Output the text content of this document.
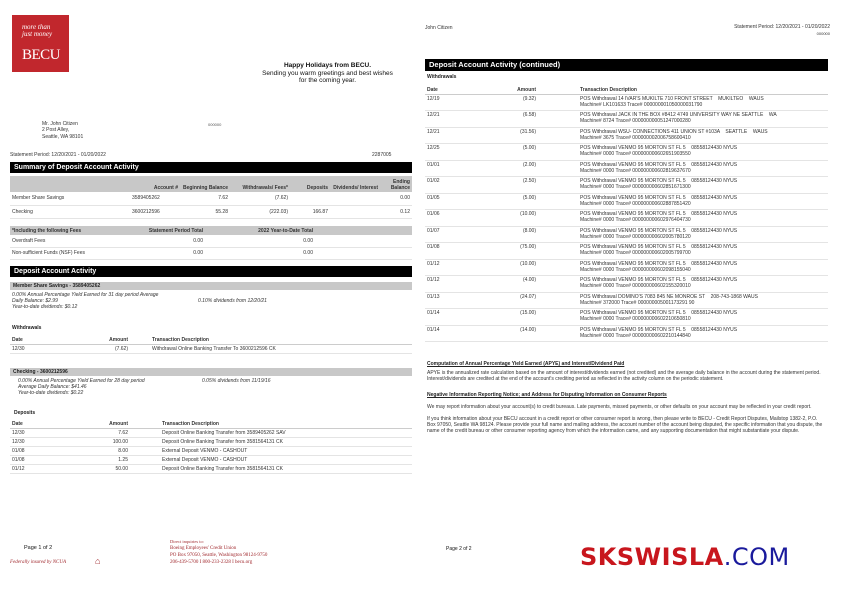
more than just money
BECU
Happy Holidays from BECU.
Sending you warm greetings and best wishes
for the coming year.
Mr. John Citizen
2 Post Alley,
Seattle, WA 98101
000000
Statement Period: 12/20/2021 - 01/20/2022	2287005
Summary of Deposit Account Activity
	Account #	Beginning Balance	Withdrawals/ Fees*	Deposits	Dividends/ Interest	Ending Balance
Member Share Savings	3589405262	7.62	(7.62)			0.00
Checking	3600212596	55.28	(222.03)	166.87		0.12
*Including the following Fees	Statement Period Total	2022 Year-to-Date Total	
Overdraft Fees	0.00	0.00	
Non-sufficient Funds (NSF) Fees	0.00	0.00	
Deposit Account Activity
Member Share Savings - 3589405262
0.00% Annual Percentage Yield Earned for 31 day period Average
Daily Balance: $2.99
Year-to-date dividends: $0.12
0.10% dividends from 12/20/21
Withdrawals
Date	Amount		Transaction Description
12/30	(7.62)		Withdrawal Online Banking Transfer To 3600212596 CK
Checking - 3600212596
0.00% Annual Percentage Yield Earned for 28 day period
Average Daily Balance: $41.46
Year-to-date dividends: $0.22
0.05% dividends from 11/19/16
Deposits
Date	Amount		Transaction Description
12/30	7.62		Deposit Online Banking Transfer from 3589405262 SAV
12/30	100.00		Deposit Online Banking Transfer from 3581564131 CK
01/08	8.00		External Deposit VENMO - CASHOUT
01/08	1.25		External Deposit VENMO - CASHOUT
01/12	50.00		Deposit Online Banking Transfer from 3581564131 CK
Page 1 of 2
Federally insured by NCUA	⌂
Direct inquiries to:
Boeing Employees' Credit Union
PO Box 97050, Seattle, Washington 98124-9750
206-439-5700 I 800-233-2328 I becu.org
John Citizen	Statement Period: 12/20/2021 - 01/20/2022
000000
Deposit Account Activity (continued)
Withdrawals
Date	Amount		Transaction Description
12/19	(9.32)		POS Withdrawal 14 IVAR'S MUKILTE 710 FRONT STREET    MUKILTEO    WAUS
Machine# LK101633 Trace# 000000001050000031790

12/21	(6.58)		POS Withdrawal JACK IN THE BOX #8412 4749 UNIVERSITY WAY NE SEATTLE    WA
Machine# 8724 Trace# 000000000051247000280

12/21	(31.56)		POS Withdrawal WSU- CONNECTIONS 411 UNION ST #103A    SEATTLE    WAUS
Machine# 3675 Trace# 000000002006758600410

12/25	(5.00)		POS Withdrawal VENMO 95 MORTON ST FL 5    08558124430 NYUS
Machine# 0000 Trace# 000000000602651903550

01/01	(2.00)		POS Withdrawal VENMO 95 MORTON ST FL 5    08558124430 NYUS
Machine# 0000 Trace# 000000000602819637670

01/02	(2.50)		POS Withdrawal VENMO 95 MORTON ST FL 5    08558124430 NYUS
Machine# 0000 Trace# 000000000602851671300

01/05	(5.00)		POS Withdrawal VENMO 95 MORTON ST FL 5    08558124430 NYUS
Machine# 0000 Trace# 000000000602887851420

01/06	(10.00)		POS Withdrawal VENMO 95 MORTON ST FL 5    08558124430 NYUS
Machine# 0000 Trace# 000000000602976404730

01/07	(8.00)		POS Withdrawal VENMO 95 MORTON ST FL 5    08558124430 NYUS
Machine# 0000 Trace# 000000000602005780120

01/08	(75.00)		POS Withdrawal VENMO 95 MORTON ST FL 5    08558124430 NYUS
Machine# 0000 Trace# 000000000602005799700

01/12	(10.00)		POS Withdrawal VENMO 95 MORTON ST FL 5    08558124430 NYUS
Machine# 0000 Trace# 000000000602098155040

01/12	(4.00)		POS Withdrawal VENMO 95 MORTON ST FL 5    08558124430 NYUS
Machine# 0000 Trace# 000000000602155320010

01/13	(24.07)		POS Withdrawal DOMINO'S 7083 845 NE MONROE ST    208-743-1868 WAUS
Machine# 372000 Trace# 000000005001173291 90

01/14	(15.00)		POS Withdrawal VENMO 95 MORTON ST FL 5    08558124430 NYUS
Machine# 0000 Trace# 000000000602210650810

01/14	(14.00)		POS Withdrawal VENMO 95 MORTON ST FL 5    08558124430 NYUS
Machine# 0000 Trace# 000000000602210144840
Computation of Annual Percentage Yield Earned (APYE) and Interest/Dividend Paid
APYE is the annualized rate calculation based on the amount of interest/dividends earned (not credited) and the average daily balance in the account during the statement period. Interest/dividends are credited at the end of the account's crediting period as reflected in the activity column on the periodic statement.
Negative Information Reporting Notice; and Address for Disputing Information on Consumer Reports
We may report information about your account(s) to credit bureaus. Late payments, missed payments, or other defaults on your account may be reflected in your credit report.
If you think information about your BECU account in a credit report or other consumer report is wrong, then please write to BECU - Credit Report Disputes, Mailstop 1382-2, P.O. Box 97050, Seattle WA 98124. Please provide your full name and mailing address, the account number of the account being disputed, the specific information that you dispute, the name of the credit bureau or other consumer reporting agency from which the information came, and any supporting documentation that might substantiate your dispute.
Page 2 of 2	SKSWISLA.COM
